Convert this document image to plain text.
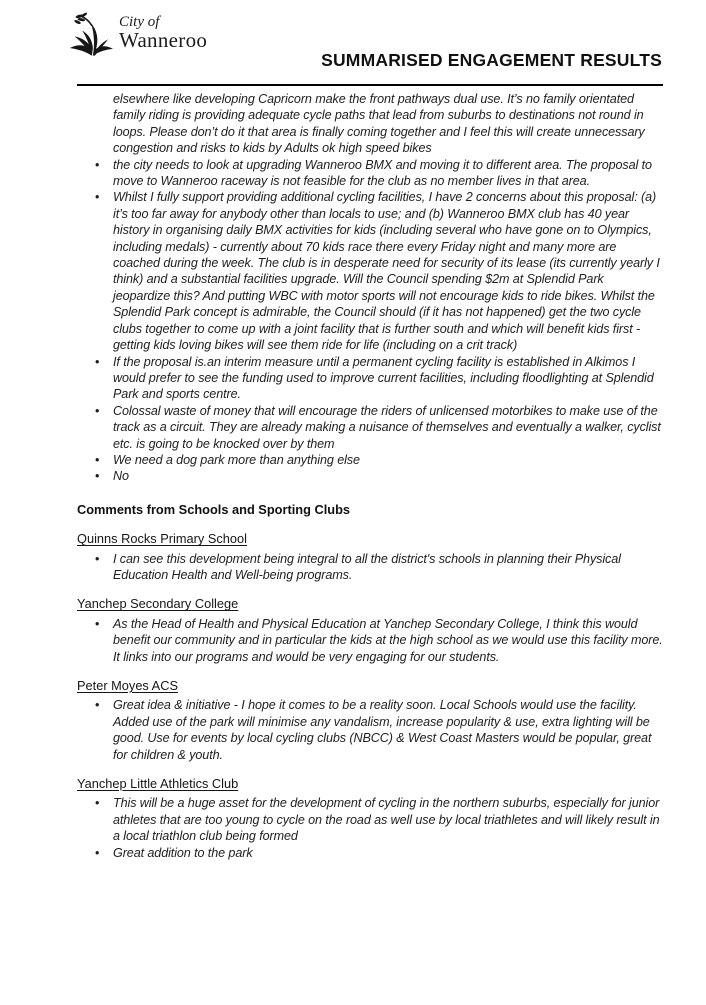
City of
Wanneroo
SUMMARISED ENGAGEMENT RESULTS

elsewhere like developing Capricorn make the front pathways dual use. It’s no family orientated family riding is providing adequate cycle paths that lead from suburbs to destinations not round in loops. Please don’t do it that area is finally coming together and I feel this will create unnecessary congestion and risks to kids by Adults ok high speed bikes

•	the city needs to look at upgrading Wanneroo BMX and moving it to different area. The proposal to move to Wanneroo raceway is not feasible for the club as no member lives in that area.

•	Whilst I fully support providing additional cycling facilities, I have 2 concerns about this proposal: (a) it’s too far away for anybody other than locals to use; and (b) Wanneroo BMX club has 40 year history in organising daily BMX activities for kids (including several who have gone on to Olympics, including medals) - currently about 70 kids race there every Friday night and many more are coached during the week. The club is in desperate need for security of its lease (its currently yearly I think) and a substantial facilities upgrade. Will the Council spending $2m at Splendid Park jeopardize this? And putting WBC with motor sports will not encourage kids to ride bikes. Whilst the Splendid Park concept is admirable, the Council should (if it has not happened) get the two cycle clubs together to come up with a joint facility that is further south and which will benefit kids first - getting kids loving bikes will see them ride for life (including on a crit track)

•	If the proposal is.an interim measure until a permanent cycling facility is established in Alkimos I would prefer to see the funding used to improve current facilities, including floodlighting at Splendid Park and sports centre.

•	Colossal waste of money that will encourage the riders of unlicensed motorbikes to make use of the track as a circuit. They are already making a nuisance of themselves and eventually a walker, cyclist etc. is going to be knocked over by them

•	We need a dog park more than anything else

•	No

Comments from Schools and Sporting Clubs
Quinns Rocks Primary School
•	I can see this development being integral to all the district's schools in planning their Physical Education Health and Well-being programs.

Yanchep Secondary College
•	As the Head of Health and Physical Education at Yanchep Secondary College, I think this would benefit our community and in particular the kids at the high school as we would use this facility more. It links into our programs and would be very engaging for our students.

Peter Moyes ACS
•	Great idea & initiative - I hope it comes to be a reality soon. Local Schools would use the facility. Added use of the park will minimise any vandalism, increase popularity & use, extra lighting will be good. Use for events by local cycling clubs (NBCC) & West Coast Masters would be popular, great for children & youth.

Yanchep Little Athletics Club
•	This will be a huge asset for the development of cycling in the northern suburbs, especially for junior athletes that are too young to cycle on the road as well use by local triathletes and will likely result in a local triathlon club being formed

•	Great addition to the park
